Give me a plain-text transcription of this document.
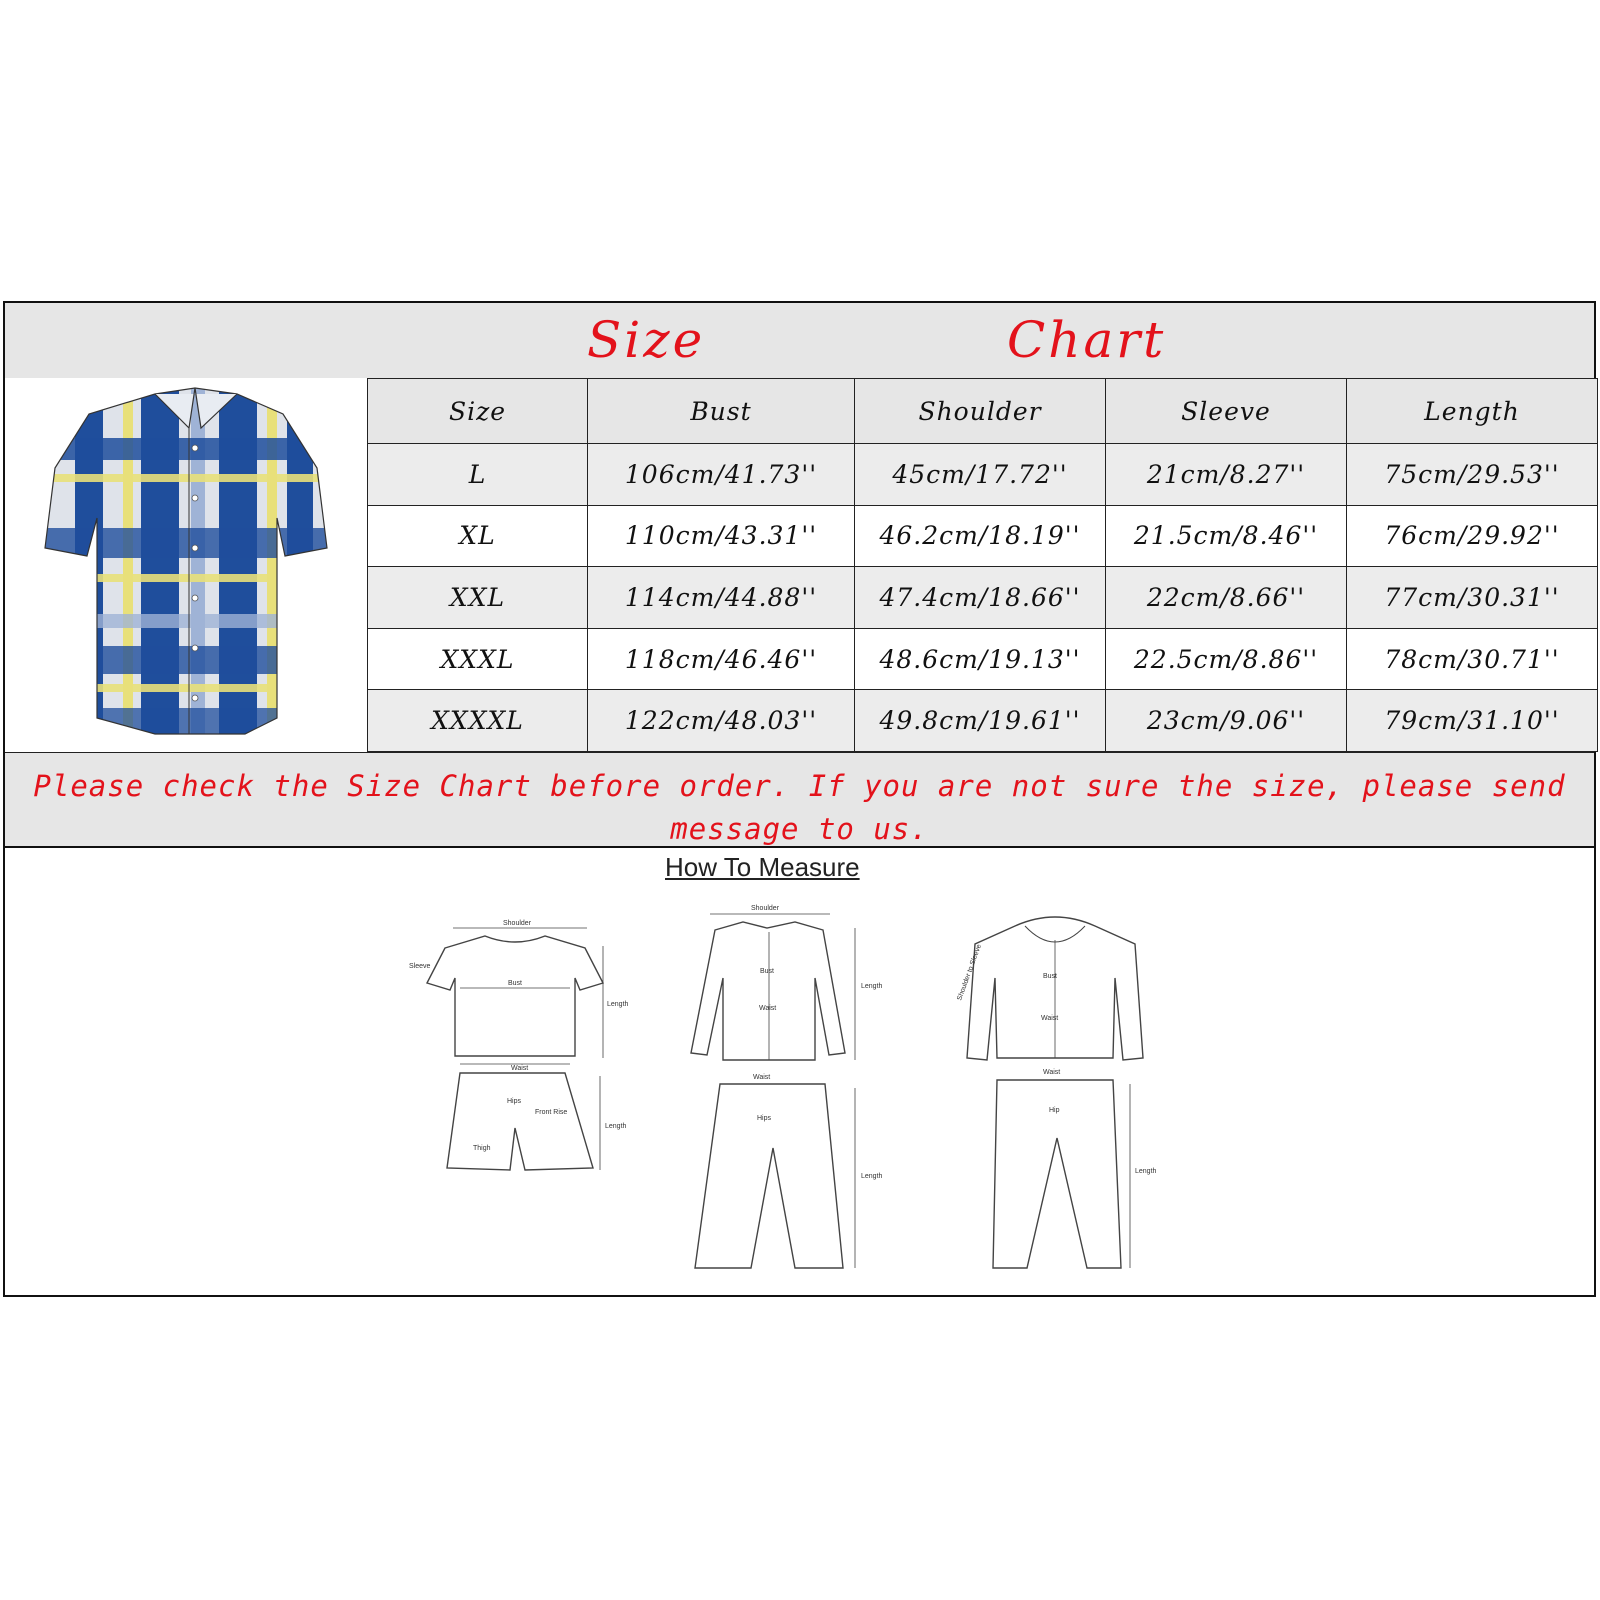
Size	Chart
Size	Bust	Shoulder	Sleeve	Length
L	106cm/41.73''	45cm/17.72''	21cm/8.27''	75cm/29.53''
XL	110cm/43.31''	46.2cm/18.19''	21.5cm/8.46''	76cm/29.92''
XXL	114cm/44.88''	47.4cm/18.66''	22cm/8.66''	77cm/30.31''
XXXL	118cm/46.46''	48.6cm/19.13''	22.5cm/8.86''	78cm/30.71''
XXXXL	122cm/48.03''	49.8cm/19.61''	23cm/9.06''	79cm/31.10''
Please check the Size Chart before order. If you are not sure the size, please send message to us.
How To Measure
Shoulder
Bust
Length
Sleeve
Waist
Hips
Front Rise
Thigh
Length
Shoulder
Bust
Waist
Length
Waist
Hips
Length
Bust
Waist
Shoulder to Sleeve
Waist
Hip
Length
